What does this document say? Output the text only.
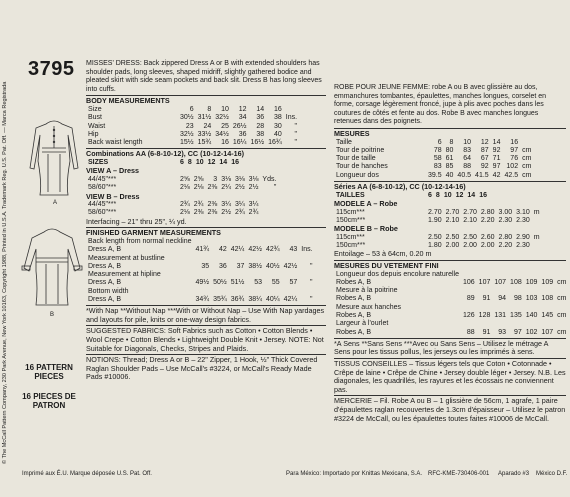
© The McCall Pattern Company, 230 Park Avenue, New York 10163, Copyright 1988, Printed in U.S.A. Trademark Reg. U.S. Pat. Off. — Marca Registrada
3795
A
B
16 PATTERN PIECES
16 PIECES DE PATRON

MISSES' DRESS: Back zippered Dress A or B with extended shoulders has shoulder pads, long sleeves, shaped midriff, slightly gathered bodice and pleated skirt with side seam pockets and back slit. Dress B has long sleeves into cuffs.

BODY MEASUREMENTS

Size	6	8	10	12	14	16	
Bust	30½	31½	32½	34	36	38	Ins.
Waist	23	24	25	26½	28	30	"
Hip	32½	33½	34½	36	38	40	"
Back waist length	15½	15¾	16	16¼	16½	16¾	"

Combinations AA (6-8-10-12), CC (10-12-14-16)

SIZES	6	8	10	12	14	16

VIEW A – Dress

44/45"***	2⅝	2⅝	3	3⅛	3⅛	3⅛	Yds.
58/60"***	2⅛	2⅛	2⅜	2¼	2½	2½	"

VIEW B – Dress

44/45"***	2¾	2¾	2⅜	3¼	3¼	3¼	
58/60"***	2⅛	2⅜	2⅜	2½	2¾	2¾	

Interfacing – 21" thru 25", ¼ yd.

FINISHED GARMENT MEASUREMENTS

Back length from normal neckline							
Dress A, B	41¾	42	42¼	42½	42¾	43	Ins.
Measurement at bustline							
Dress A, B	35	36	37	38½	40½	42½	"
Measurement at hipline							
Dress A, B	49½	50½	51½	53	55	57	"
Bottom width							
Dress A, B	34¾	35¾	36¾	38¼	40¼	42¼	"

*With Nap **Without Nap ***With or Without Nap – Use With Nap yardages and layouts for pile, knits or one-way design fabrics.

SUGGESTED FABRICS: Soft Fabrics such as Cotton • Cotton Blends • Wool Crepe • Cotton Blends • Lightweight Double Knit • Jersey. NOTE: Not Suitable for Diagonals, Checks, Stripes and Plaids.

NOTIONS: Thread; Dress A or B – 22" Zipper, 1 Hook, ½" Thick Covered Raglan Shoulder Pads – Use McCall's #3224, or McCall's Ready Made Pads #10006.

ROBE POUR JEUNE FEMME: robe A ou B avec glissière au dos, emmanchures tombantes, épaulettes, manches longues, corselet en forme, corsage légèrement froncé, jupe à plis avec poches dans les coutures de côtés et fente au dos. Robe B avec manches longues retenues dans des poignets.

MESURES

Taille	6	8	10	12	14	16	
Tour de poitrine	78	80	83	87	92	97	cm
Tour de taille	58	61	64	67	71	76	cm
Tour de hanches	83	85	88	92	97	102	cm
Longueur dos	39.5	40	40.5	41.5	42	42.5	cm

Séries AA (6-8-10-12), CC (10-12-14-16)

TAILLES	6	8	10	12	14	16	

MODELE A – Robe

115cm***	2.70	2.70	2.70	2.80	3.00	3.10	m
150cm***	1.90	2.10	2.10	2.20	2.30	2.30	

MODELE B – Robe

115cm***	2.50	2.50	2.50	2.60	2.80	2.90	m
150cm***	1.80	2.00	2.00	2.00	2.20	2.30	

Entoilage – 53 à 64cm, 0.20 m

MESURES DU VETEMENT FINI

Longueur dos depuis encolure naturelle							
Robes A, B	106	107	107	108	109	109	cm
Mesure à la poitrine							
Robes A, B	89	91	94	98	103	108	cm
Mesure aux hanches							
Robes A, B	126	128	131	135	140	145	cm
Largeur à l'ourlet							
Robes A, B	88	91	93	97	102	107	cm

*A Sens **Sans Sens ***Avec ou Sans Sens – Utilisez le métrage A Sens pour les tissus pollus, les jerseys ou les imprimés à sens.

TISSUS CONSEILLES – Tissus légers tels que Coton • Cotonnade • Crêpe de laine • Crêpe de Chine • Jersey double léger • Jersey. N.B. Les diagonales, les quadrillés, les rayures et les écossais ne conviennent pas.

MERCERIE – Fil. Robe A ou B – 1 glissière de 56cm, 1 agrafe, 1 paire d'épaulettes raglan recouvertes de 1.3cm d'épaisseur – Utilisez le patron #3224 de McCall, ou les épaulettes toutes faites #10006 de McCall.

Imprimé aux É.U. Marque déposée U.S. Pat. Off.	Para México: Importado por Knittas Mexicana, S.A. RFC-KME-730406-001 Aparado #3 México D.F.
